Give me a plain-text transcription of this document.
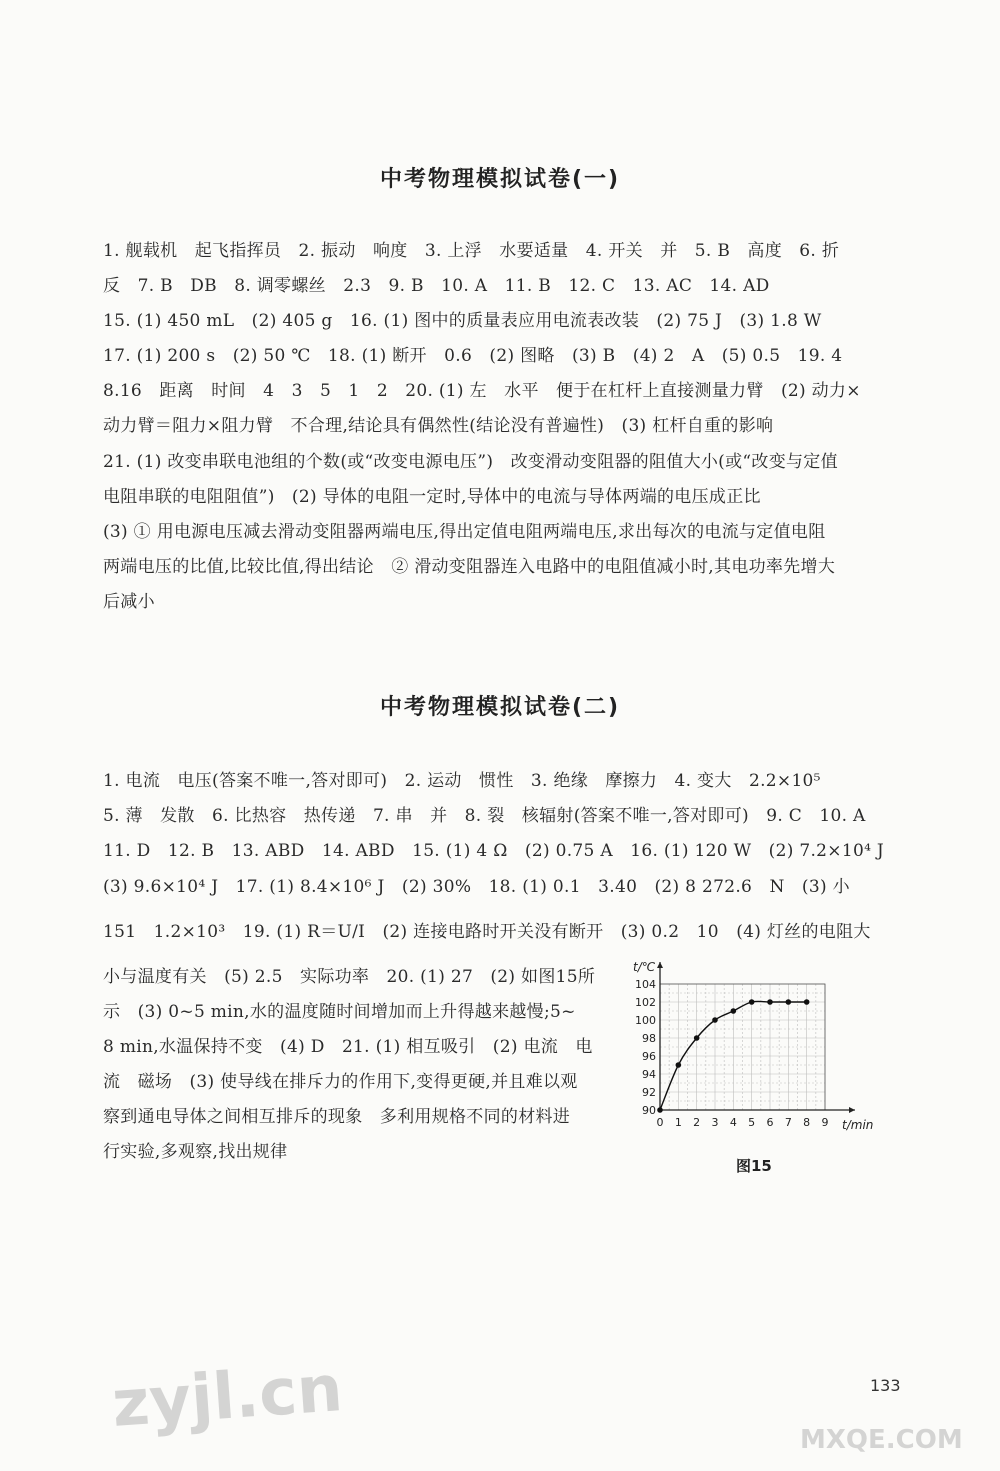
中考物理模拟试卷(一)
1. 舰载机　起飞指挥员　2. 振动　响度　3. 上浮　水要适量　4. 开关　并　5. B　高度　6. 折
反　7. B　DB　8. 调零螺丝　2.3　9. B　10. A　11. B　12. C　13. AC　14. AD
15. (1) 450 mL　(2) 405 g　16. (1) 图中的质量表应用电流表改装　(2) 75 J　(3) 1.8 W
17. (1) 200 s　(2) 50 ℃　18. (1) 断开　0.6　(2) 图略　(3) B　(4) 2　A　(5) 0.5　19. 4
8.16　距离　时间　4　3　5　1　2　20. (1) 左　水平　便于在杠杆上直接测量力臂　(2) 动力×
动力臂＝阻力×阻力臂　不合理,结论具有偶然性(结论没有普遍性)　(3) 杠杆自重的影响
21. (1) 改变串联电池组的个数(或“改变电源电压”)　改变滑动变阻器的阻值大小(或“改变与定值
电阻串联的电阻阻值”)　(2) 导体的电阻一定时,导体中的电流与导体两端的电压成正比
(3) ① 用电源电压减去滑动变阻器两端电压,得出定值电阻两端电压,求出每次的电流与定值电阻
两端电压的比值,比较比值,得出结论　② 滑动变阻器连入电路中的电阻值减小时,其电功率先增大
后减小
中考物理模拟试卷(二)
1. 电流　电压(答案不唯一,答对即可)　2. 运动　惯性　3. 绝缘　摩擦力　4. 变大　2.2×10⁵
5. 薄　发散　6. 比热容　热传递　7. 串　并　8. 裂　核辐射(答案不唯一,答对即可)　9. C　10. A
11. D　12. B　13. ABD　14. ABD　15. (1) 4 Ω　(2) 0.75 A　16. (1) 120 W　(2) 7.2×10⁴ J
(3) 9.6×10⁴ J　17. (1) 8.4×10⁶ J　(2) 30%　18. (1) 0.1　3.40　(2) 8 272.6　N　(3) 小
151　1.2×10³　19. (1) R＝U/I　(2) 连接电路时开关没有断开　(3) 0.2　10　(4) 灯丝的电阻大
小与温度有关　(5) 2.5　实际功率　20. (1) 27　(2) 如图15所
示　(3) 0~5 min,水的温度随时间增加而上升得越来越慢;5~
8 min,水温保持不变　(4) D　21. (1) 相互吸引　(2) 电流　电
流　磁场　(3) 使导线在排斥力的作用下,变得更硬,并且难以观
察到通电导体之间相互排斥的现象　多利用规格不同的材料进
行实验,多观察,找出规律
t/℃
t/min
0 1 2 3 4 5 6 7 8 9
90
92
94
96
98
100
102
104
图15
zyjl.cn	MXQE.COM
133
